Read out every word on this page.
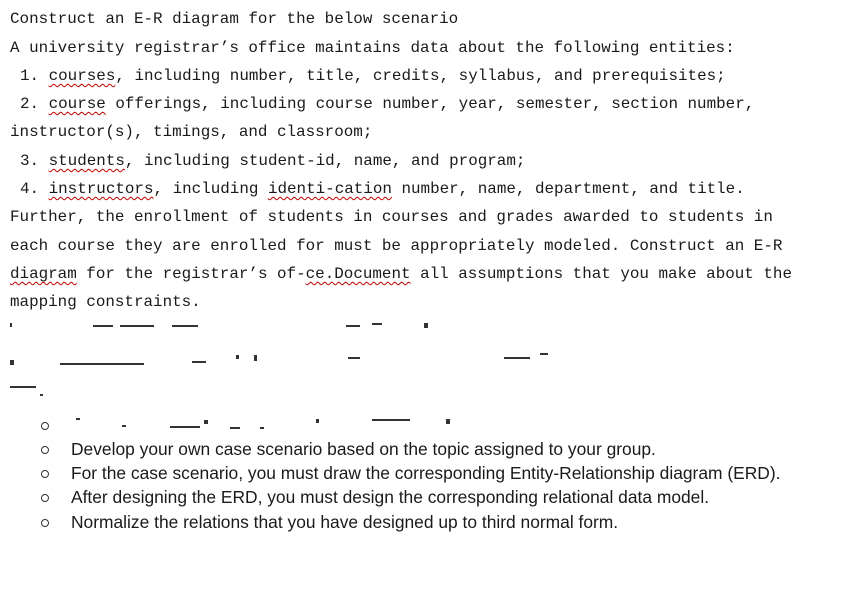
Construct an E-R diagram for the below scenario
A university registrar’s office maintains data about the following entities:
1. courses, including number, title, credits, syllabus, and prerequisites;
2. course offerings, including course number, year, semester, section number,
instructor(s), timings, and classroom;
3. students, including student-id, name, and program;
4. instructors, including identi-cation number, name, department, and title.
Further, the enrollment of students in courses and grades awarded to students in
each course they are enrolled for must be appropriately modeled. Construct an E-R
diagram for the registrar’s of-ce.Document all assumptions that you make about the
mapping constraints.
Develop your own case scenario based on the topic assigned to your group.
For the case scenario, you must draw the corresponding Entity-Relationship diagram (ERD).
After designing the ERD, you must design the corresponding relational data model.
Normalize the relations that you have designed up to third normal form.
